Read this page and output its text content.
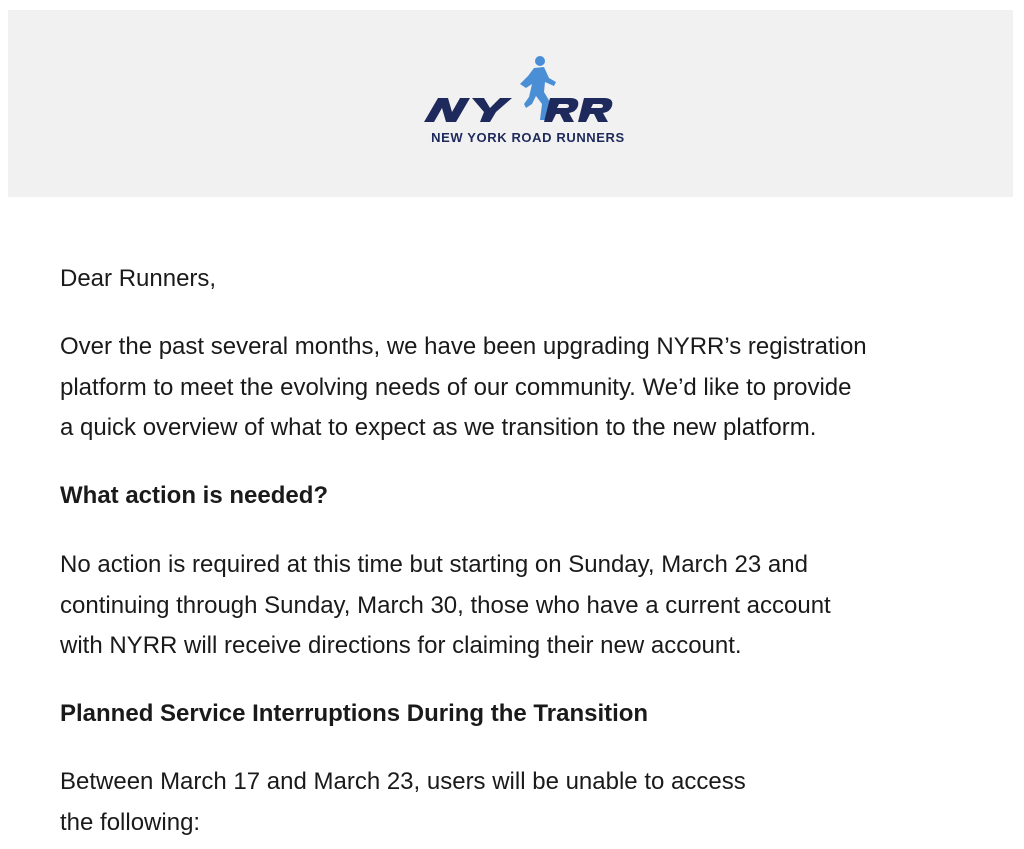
NEW YORK ROAD RUNNERS

Dear Runners,

Over the past several months, we have been upgrading NYRR’s registration
platform to meet the evolving needs of our community. We’d like to provide
a quick overview of what to expect as we transition to the new platform.

What action is needed?

No action is required at this time but starting on Sunday, March 23 and
continuing through Sunday, March 30, those who have a current account
with NYRR will receive directions for claiming their new account.

Planned Service Interruptions During the Transition

Between March 17 and March 23, users will be unable to access
the following:
